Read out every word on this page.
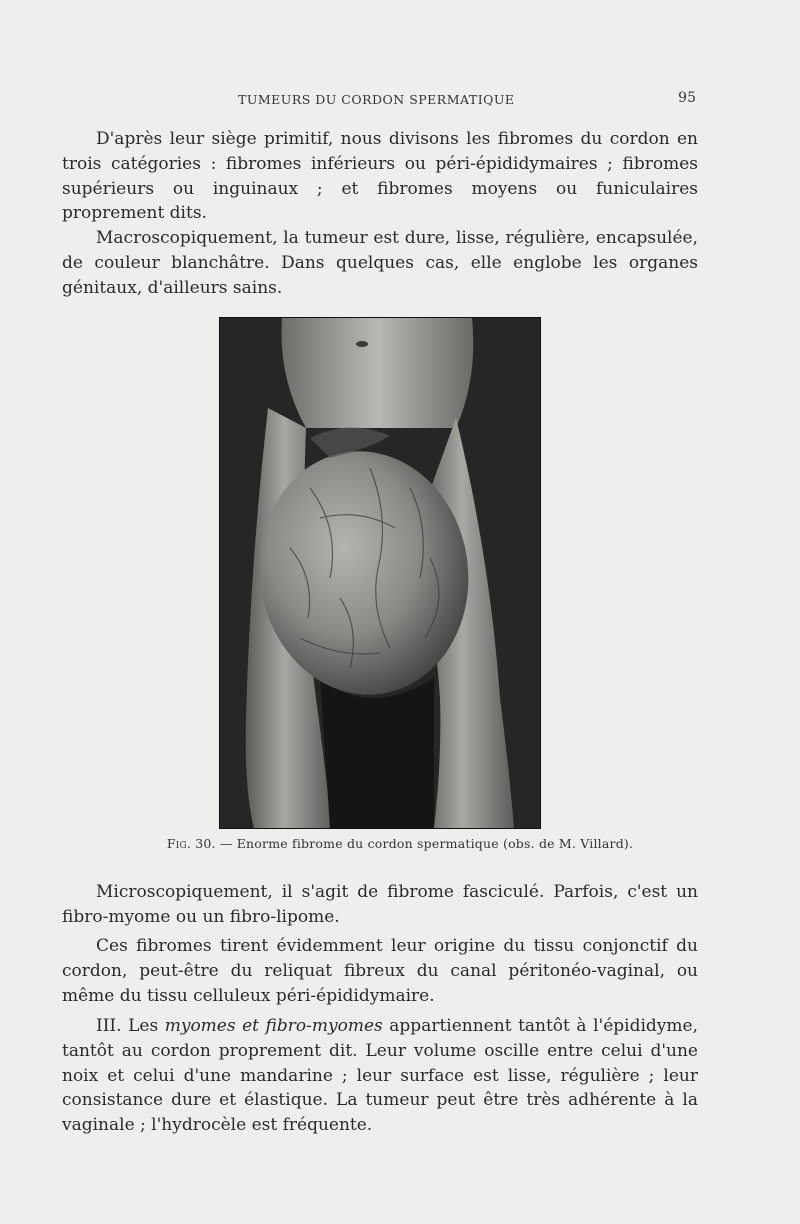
TUMEURS DU CORDON SPERMATIQUE	95

D'après leur siège primitif, nous divisons les fibromes du cordon en trois catégories : fibromes inférieurs ou péri-épididymaires ; fibromes supérieurs ou inguinaux ; et fibromes moyens ou funiculaires proprement dits.

Macroscopiquement, la tumeur est dure, lisse, régulière, encapsulée, de couleur blanchâtre. Dans quelques cas, elle englobe les organes génitaux, d'ailleurs sains.

Fig. 30. — Enorme fibrome du cordon spermatique (obs. de M. Villard).

Microscopiquement, il s'agit de fibrome fasciculé. Parfois, c'est un fibro-myome ou un fibro-lipome.

Ces fibromes tirent évidemment leur origine du tissu conjonctif du cordon, peut-être du reliquat fibreux du canal péritonéo-vaginal, ou même du tissu celluleux péri-épididymaire.

III. Les myomes et fibro-myomes appartiennent tantôt à l'épididyme, tantôt au cordon proprement dit. Leur volume oscille entre celui d'une noix et celui d'une mandarine ; leur surface est lisse, régulière ; leur consistance dure et élastique. La tumeur peut être très adhérente à la vaginale ; l'hydrocèle est fréquente.
